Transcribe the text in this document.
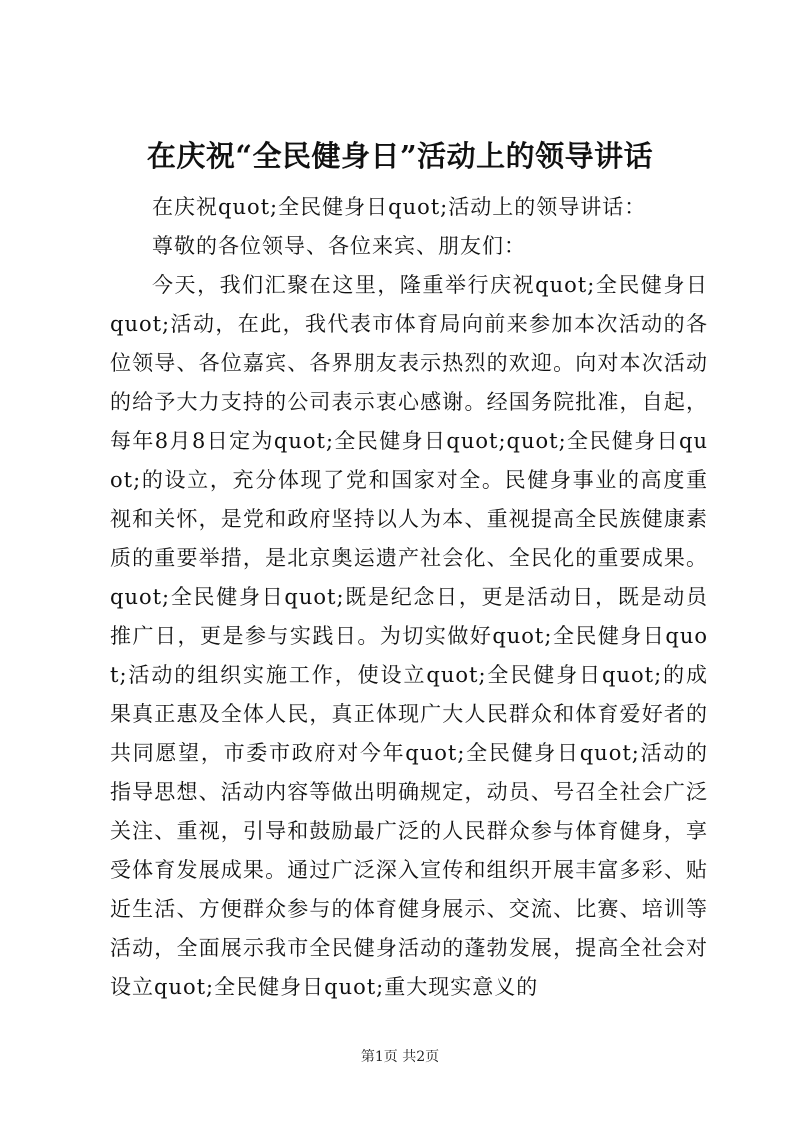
在庆祝“全民健身日”活动上的领导讲话

在庆祝quot;全民健身日quot;活动上的领导讲话：

尊敬的各位领导、各位来宾、朋友们：

今天，我们汇聚在这里，隆重举行庆祝quot;全民健身日quot;活动，在此，我代表市体育局向前来参加本次活动的各位领导、各位嘉宾、各界朋友表示热烈的欢迎。向对本次活动的给予大力支持的公司表示衷心感谢。经国务院批准，自起，每年8月8日定为quot;全民健身日quot;quot;全民健身日quot;的设立，充分体现了党和国家对全。民健身事业的高度重视和关怀，是党和政府坚持以人为本、重视提高全民族健康素质的重要举措，是北京奥运遗产社会化、全民化的重要成果。quot;全民健身日quot;既是纪念日，更是活动日，既是动员推广日，更是参与实践日。为切实做好quot;全民健身日quot;活动的组织实施工作，使设立quot;全民健身日quot;的成果真正惠及全体人民，真正体现广大人民群众和体育爱好者的共同愿望，市委市政府对今年quot;全民健身日quot;活动的指导思想、活动内容等做出明确规定，动员、号召全社会广泛关注、重视，引导和鼓励最广泛的人民群众参与体育健身，享受体育发展成果。通过广泛深入宣传和组织开展丰富多彩、贴近生活、方便群众参与的体育健身展示、交流、比赛、培训等活动，全面展示我市全民健身活动的蓬勃发展，提高全社会对设立quot;全民健身日quot;重大现实意义的

第1页 共2页
